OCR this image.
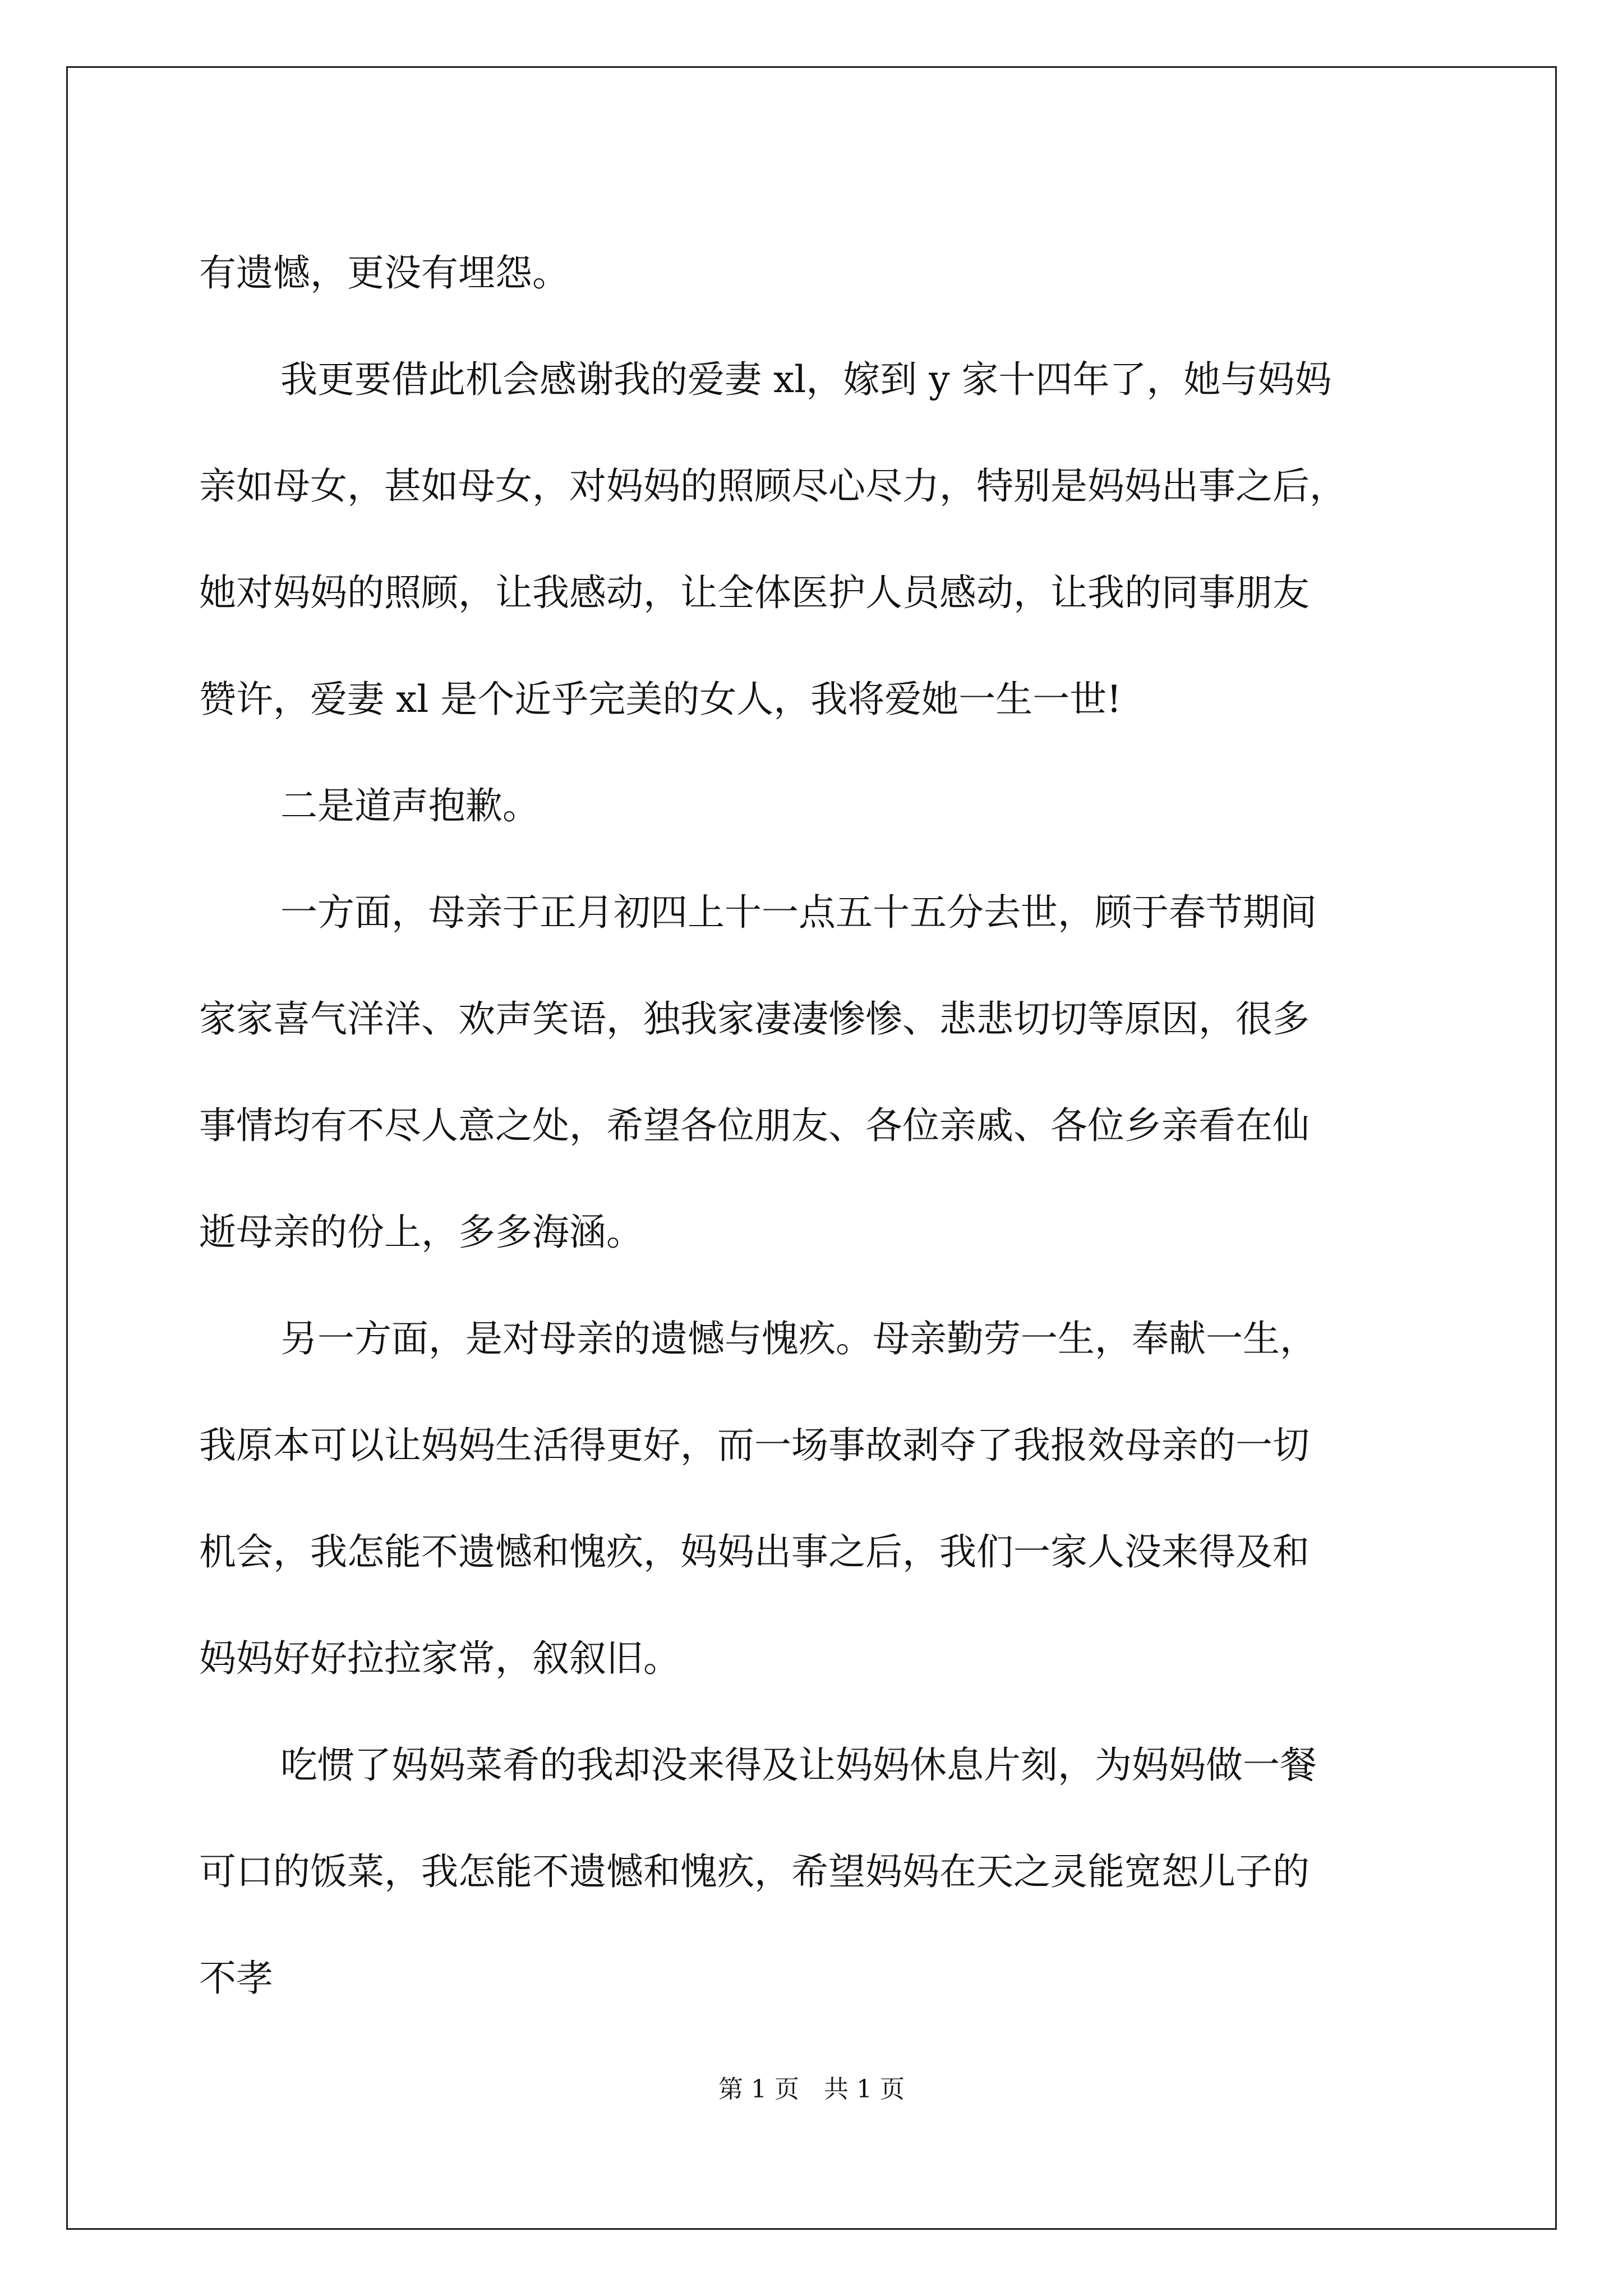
有遗憾，更没有埋怨。

我更要借此机会感谢我的爱妻 xl，嫁到 y 家十四年了，她与妈妈
亲如母女，甚如母女，对妈妈的照顾尽心尽力，特别是妈妈出事之后，
她对妈妈的照顾，让我感动，让全体医护人员感动，让我的同事朋友
赞许，爱妻 xl 是个近乎完美的女人，我将爱她一生一世!

二是道声抱歉。

一方面，母亲于正月初四上十一点五十五分去世，顾于春节期间
家家喜气洋洋、欢声笑语，独我家凄凄惨惨、悲悲切切等原因，很多
事情均有不尽人意之处，希望各位朋友、各位亲戚、各位乡亲看在仙
逝母亲的份上，多多海涵。

另一方面，是对母亲的遗憾与愧疚。母亲勤劳一生，奉献一生，
我原本可以让妈妈生活得更好，而一场事故剥夺了我报效母亲的一切
机会，我怎能不遗憾和愧疚，妈妈出事之后，我们一家人没来得及和
妈妈好好拉拉家常，叙叙旧。

吃惯了妈妈菜肴的我却没来得及让妈妈休息片刻，为妈妈做一餐
可口的饭菜，我怎能不遗憾和愧疚，希望妈妈在天之灵能宽恕儿子的
不孝

第 1 页　共 1 页
